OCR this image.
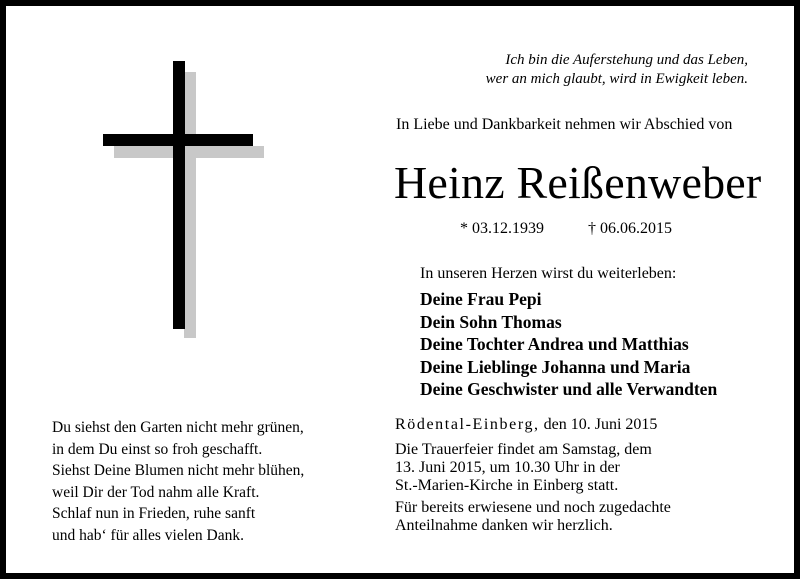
Ich bin die Auferstehung und das Leben,
wer an mich glaubt, wird in Ewigkeit leben.
In Liebe und Dankbarkeit nehmen wir Abschied von
Heinz Reißenweber
* 03.12.1939	† 06.06.2015
In unseren Herzen wirst du weiterleben:
Deine Frau Pepi
Dein Sohn Thomas
Deine Tochter Andrea und Matthias
Deine Lieblinge Johanna und Maria
Deine Geschwister und alle Verwandten
Du siehst den Garten nicht mehr grünen,
in dem Du einst so froh geschafft.
Siehst Deine Blumen nicht mehr blühen,
weil Dir der Tod nahm alle Kraft.
Schlaf nun in Frieden, ruhe sanft
und hab‘ für alles vielen Dank.
Rödental-Einberg, den 10. Juni 2015
Die Trauerfeier findet am Samstag, dem
13. Juni 2015, um 10.30 Uhr in der
St.-Marien-Kirche in Einberg statt.
Für bereits erwiesene und noch zugedachte
Anteilnahme danken wir herzlich.
